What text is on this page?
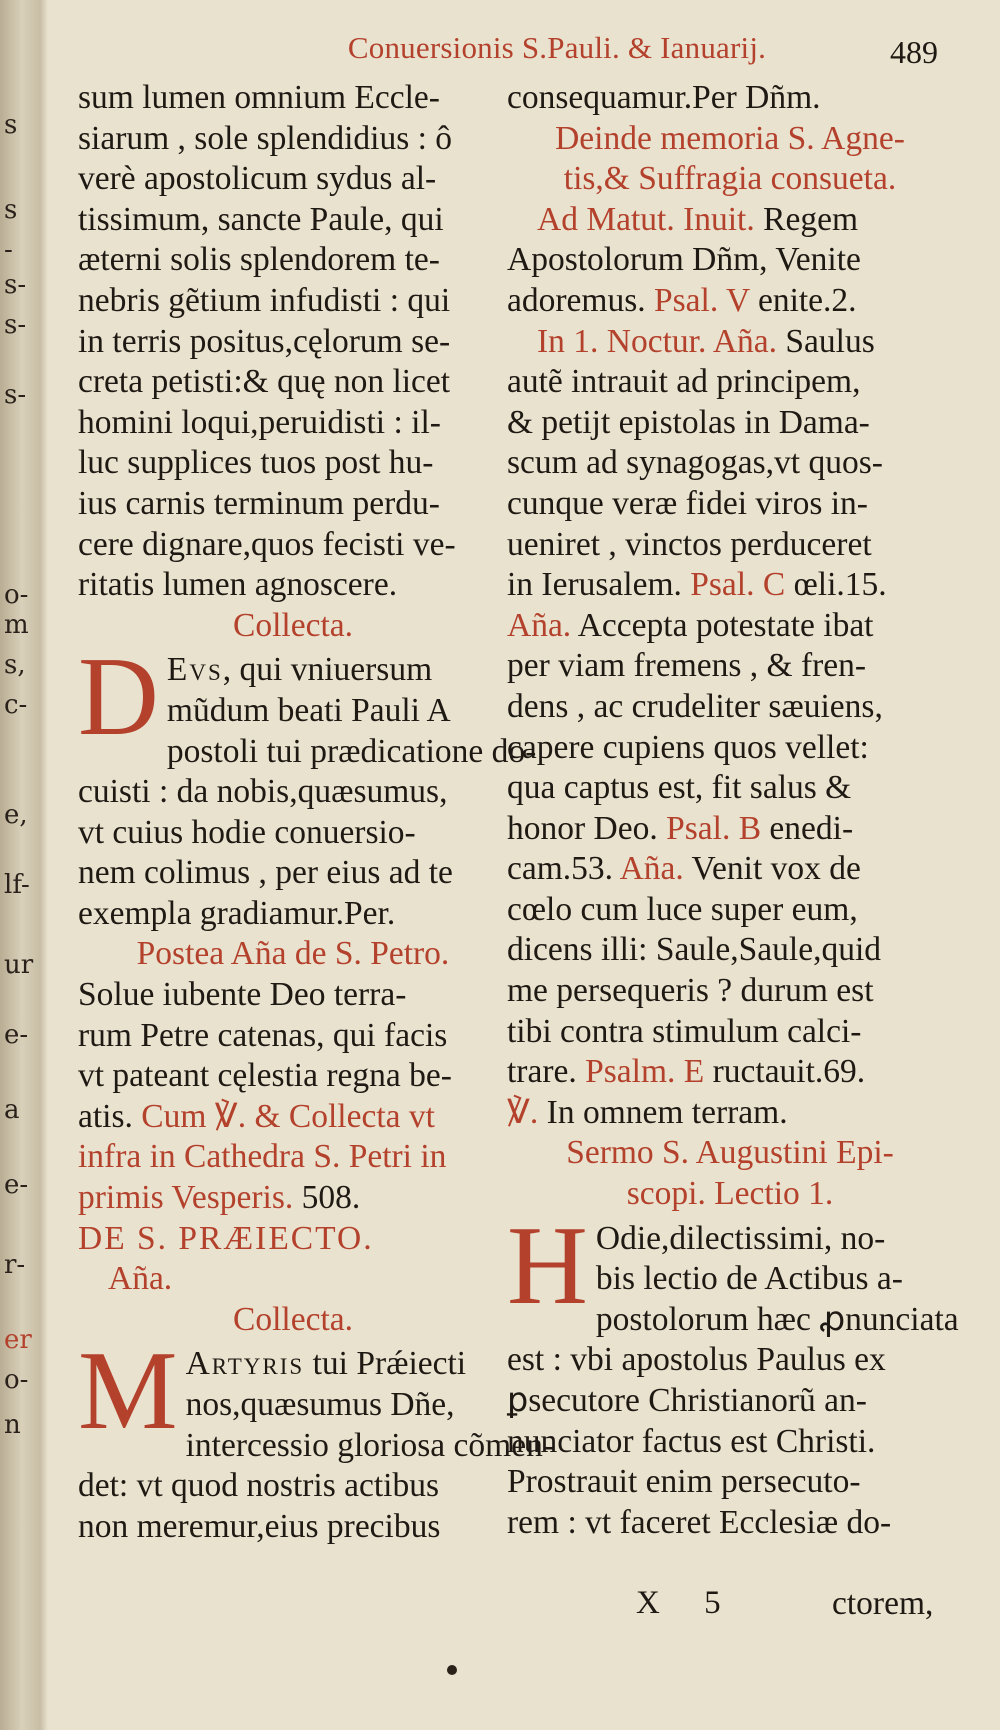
s
s
-
s-
s-
s-
o-
m
s,
c-
e,
lf-
ur
e-
a
e-
r-
er
o-
n
Conuersionis S.Pauli. & Ianuarij.	489
sum lumen omnium Eccle-
siarum , sole splendidius : ô
verè apostolicum sydus al-
tissimum, sancte Paule, qui
æterni solis splendorem te-
nebris gẽtium infudisti : qui
in terris positus,cęlorum se-
creta petisti:& quę non licet
homini loqui,peruidisti : il-
luc supplices tuos post hu-
ius carnis terminum perdu-
cere dignare,quos fecisti ve-
ritatis lumen agnoscere.
Collecta.
D Evs, qui vniuersum
mũdum beati Pauli A
postoli tui prædicatione do-
cuisti : da nobis,quæsumus,
vt cuius hodie conuersio-
nem colimus , per eius ad te
exempla gradiamur.Per.
Postea Aña de S. Petro.
Solue iubente Deo terra-
rum Petre catenas, qui facis
vt pateant cęlestia regna be-
atis. Cum ℣. & Collecta vt
infra in Cathedra S. Petri in
primis Vesperis. 508.
DE S. PRÆIECTO.
Aña.
Collecta.
M Artyris tui Prǽiecti
nos,quæsumus Dñe,
intercessio gloriosa cõmen-
det: vt quod nostris actibus
non meremur,eius precibus
consequamur.Per Dñm.
Deinde memoria S. Agne-
tis,& Suffragia consueta.
Ad Matut. Inuit. Regem
Apostolorum Dñm, Venite
adoremus. Psal. V enite.2.
In 1. Noctur. Aña. Saulus
autẽ intrauit ad principem,
& petijt epistolas in Dama-
scum ad synagogas,vt quos-
cunque veræ fidei viros in-
ueniret , vinctos perduceret
in Ierusalem. Psal. C œli.15.
Aña. Accepta potestate ibat
per viam fremens , & fren-
dens , ac crudeliter sæuiens,
capere cupiens quos vellet:
qua captus est, fit salus &
honor Deo. Psal. B enedi-
cam.53. Aña. Venit vox de
cœlo cum luce super eum,
dicens illi: Saule,Saule,quid
me persequeris ? durum est
tibi contra stimulum calci-
trare. Psalm. E ructauit.69.
℣. In omnem terram.
Sermo S. Augustini Epi-
scopi. Lectio 1.
H Odie,dilectissimi, no-
bis lectio de Actibus a-
postolorum hæc ꝓnunciata
est : vbi apostolus Paulus ex
ꝑsecutore Christianorũ an-
nunciator factus est Christi.
Prostrauit enim persecuto-
rem : vt faceret Ecclesiæ do-
X 5	ctorem,
